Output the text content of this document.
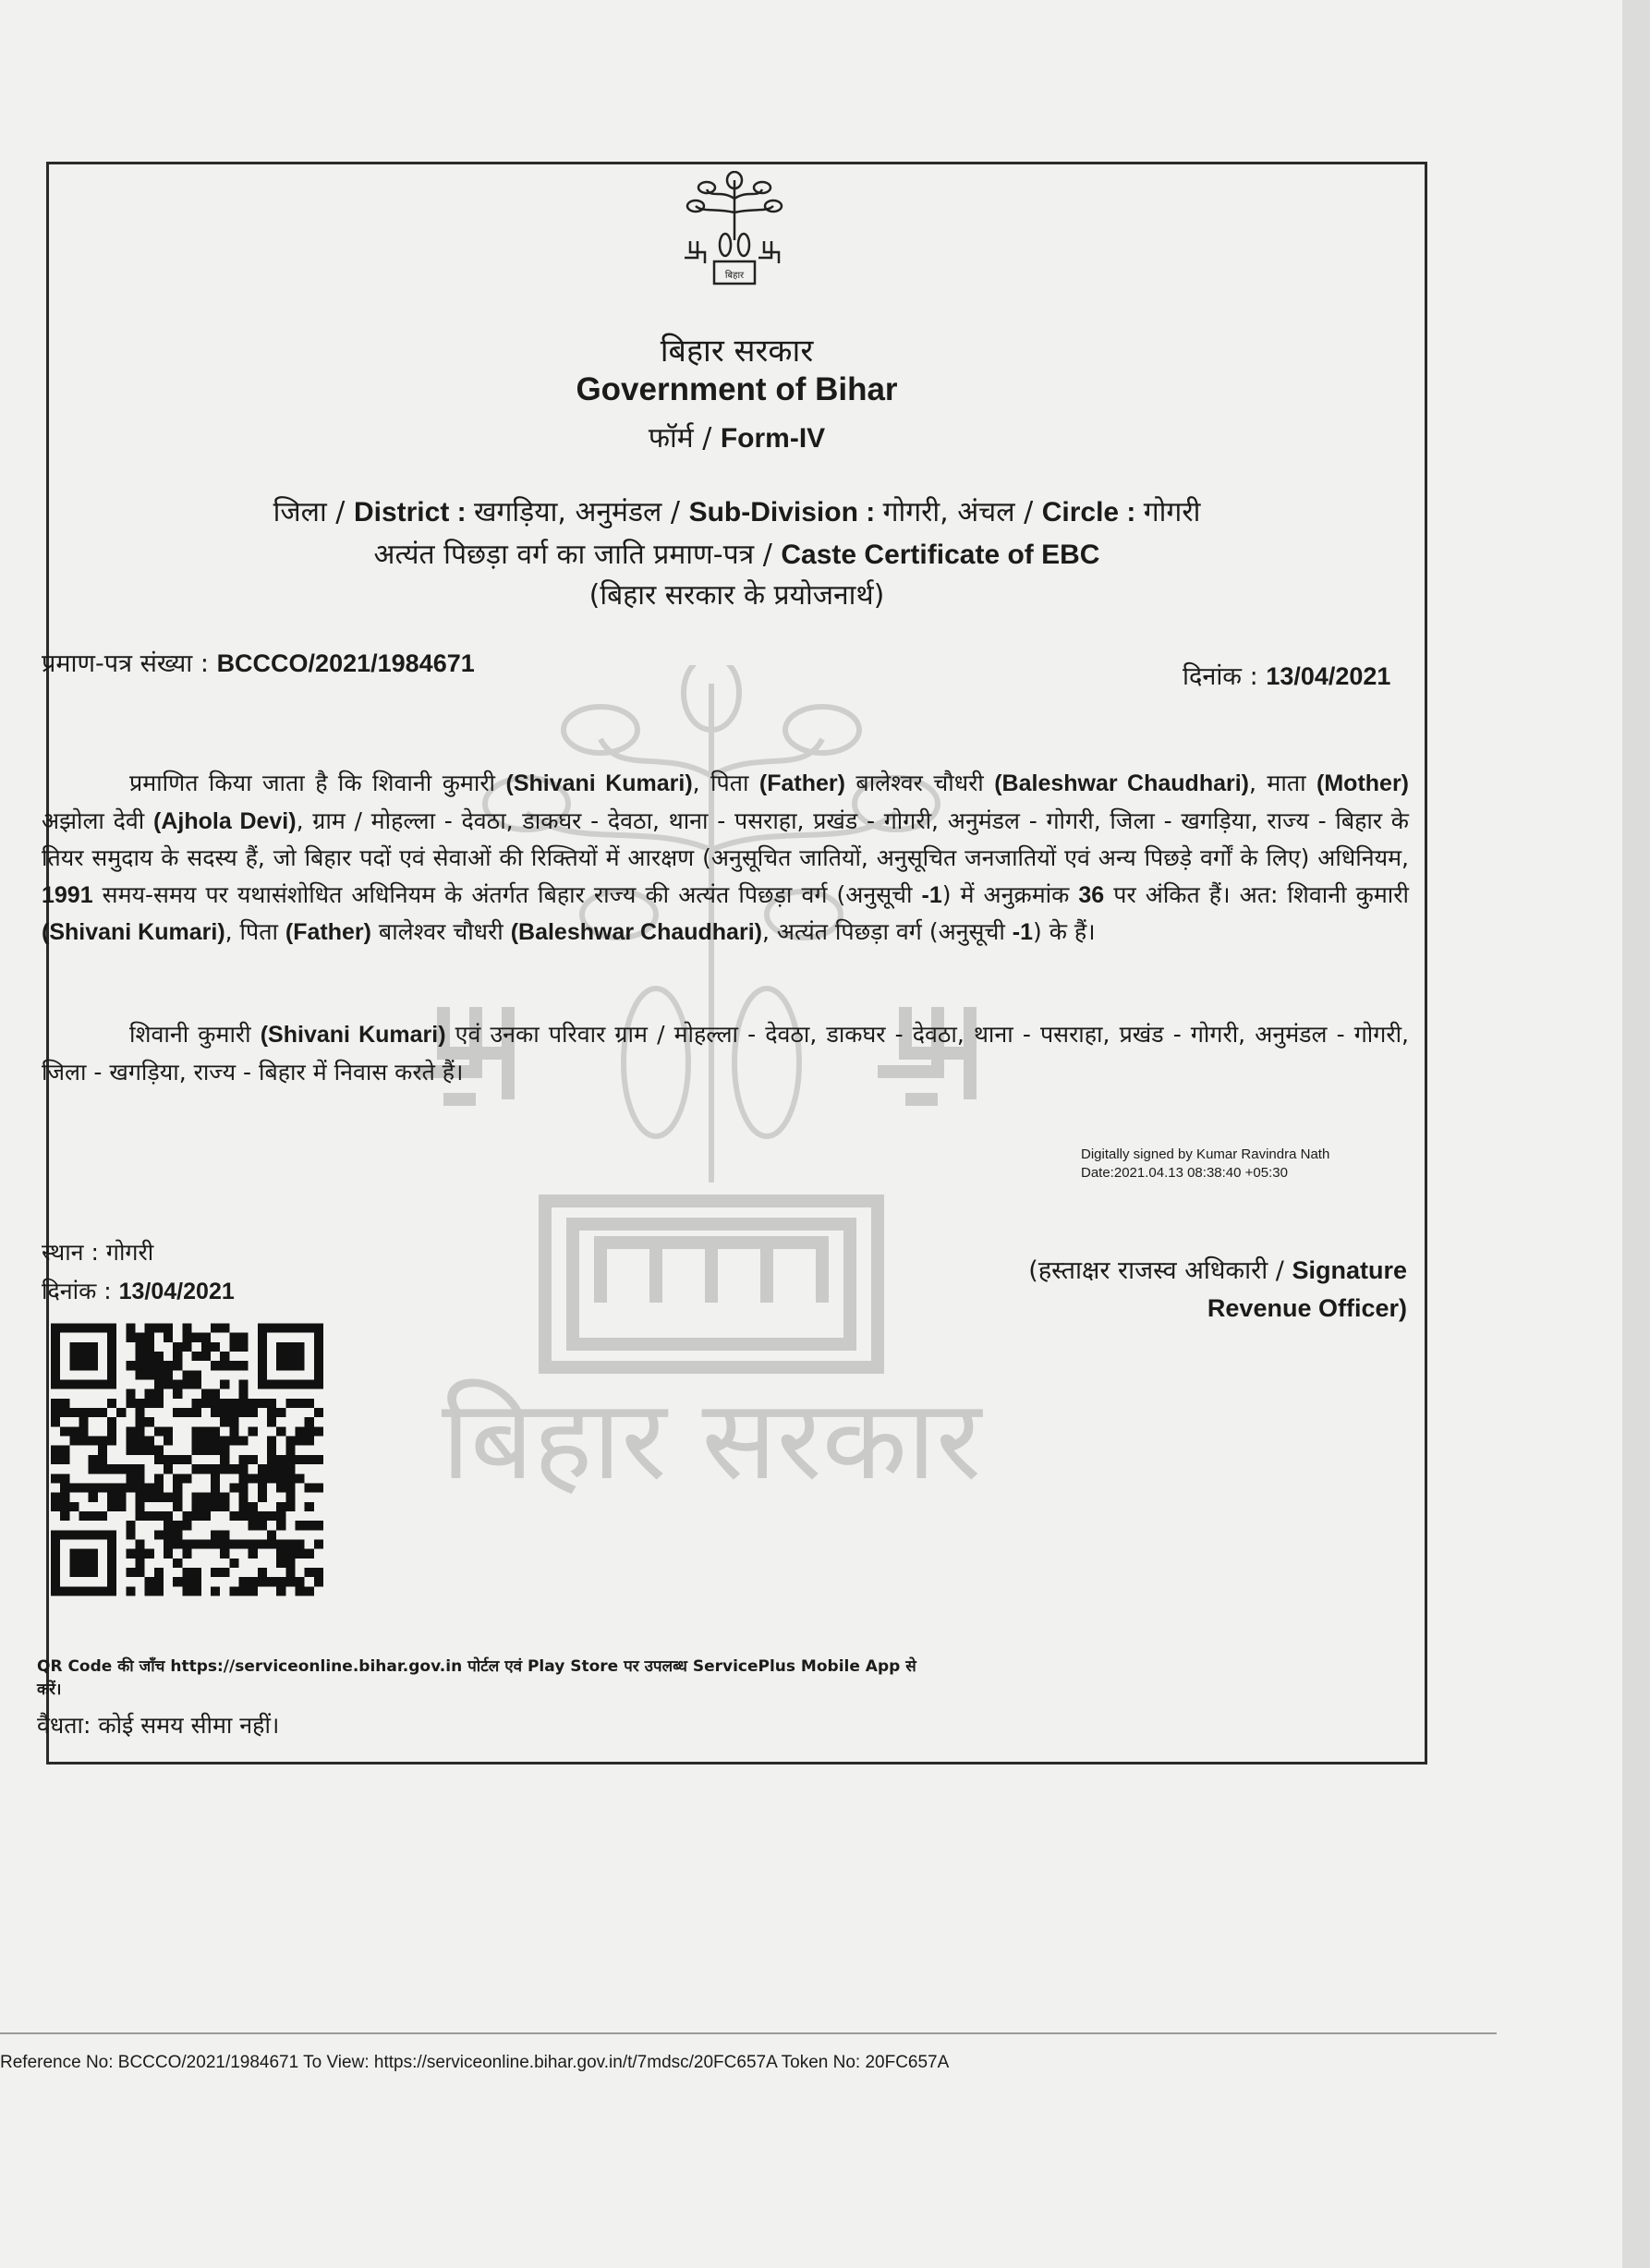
बिहार सरकार
बिहार
बिहार सरकार
Government of Bihar
फॉर्म / Form-IV
जिला / District : खगड़िया, अनुमंडल / Sub-Division : गोगरी, अंचल / Circle : गोगरी
अत्यंत पिछड़ा वर्ग का जाति प्रमाण-पत्र / Caste Certificate of EBC
(बिहार सरकार के प्रयोजनार्थ)
प्रमाण-पत्र संख्या : BCCCO/2021/1984671	दिनांक : 13/04/2021
प्रमाणित किया जाता है कि शिवानी कुमारी (Shivani Kumari), पिता (Father) बालेश्वर चौधरी (Baleshwar Chaudhari), माता (Mother) अझोला देवी (Ajhola Devi), ग्राम / मोहल्ला - देवठा, डाकघर - देवठा, थाना - पसराहा, प्रखंड - गोगरी, अनुमंडल - गोगरी, जिला - खगड़िया, राज्य - बिहार के तियर समुदाय के सदस्य हैं, जो बिहार पदों एवं सेवाओं की रिक्तियों में आरक्षण (अनुसूचित जातियों, अनुसूचित जनजातियों एवं अन्य पिछड़े वर्गों के लिए) अधिनियम, 1991 समय-समय पर यथासंशोधित अधिनियम के अंतर्गत बिहार राज्य की अत्यंत पिछड़ा वर्ग (अनुसूची -1) में अनुक्रमांक 36 पर अंकित हैं। अत: शिवानी कुमारी (Shivani Kumari), पिता (Father) बालेश्वर चौधरी (Baleshwar Chaudhari), अत्यंत पिछड़ा वर्ग (अनुसूची -1) के हैं।
शिवानी कुमारी (Shivani Kumari) एवं उनका परिवार ग्राम / मोहल्ला - देवठा, डाकघर - देवठा, थाना - पसराहा, प्रखंड - गोगरी, अनुमंडल - गोगरी, जिला - खगड़िया, राज्य - बिहार में निवास करते हैं।
Digitally signed by Kumar Ravindra Nath
Date:2021.04.13 08:38:40 +05:30
स्थान : गोगरी
दिनांक : 13/04/2021
(हस्ताक्षर राजस्व अधिकारी / Signature
Revenue Officer)
QR Code की जाँच https://serviceonline.bihar.gov.in पोर्टल एवं Play Store पर उपलब्ध ServicePlus Mobile App से करें।
वैधता: कोई समय सीमा नहीं।
Reference No: BCCCO/2021/1984671 To View: https://serviceonline.bihar.gov.in/t/7mdsc/20FC657A Token No: 20FC657A
